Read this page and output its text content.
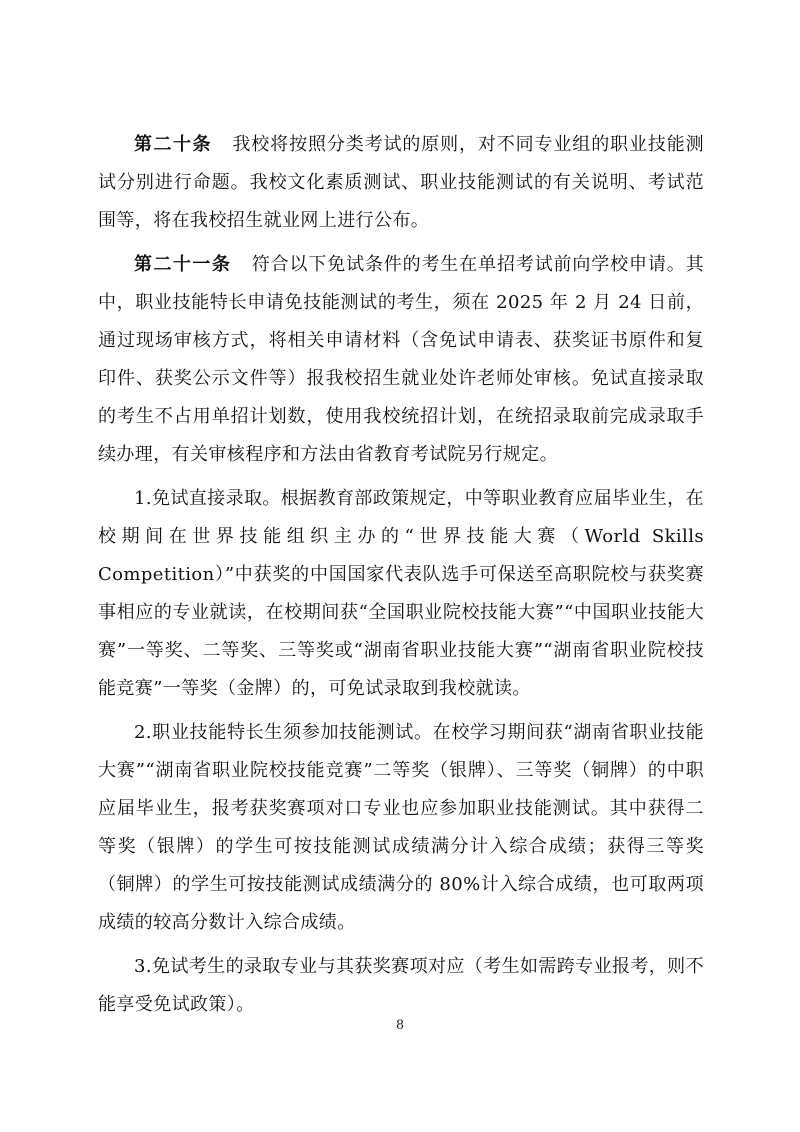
第二十条 我校将按照分类考试的原则，对不同专业组的职业技能测试分别进行命题。我校文化素质测试、职业技能测试的有关说明、考试范围等，将在我校招生就业网上进行公布。

第二十一条 符合以下免试条件的考生在单招考试前向学校申请。其中，职业技能特长申请免技能测试的考生，须在 2025 年 2 月 24 日前，通过现场审核方式，将相关申请材料（含免试申请表、获奖证书原件和复印件、获奖公示文件等）报我校招生就业处许老师处审核。免试直接录取的考生不占用单招计划数，使用我校统招计划，在统招录取前完成录取手续办理，有关审核程序和方法由省教育考试院另行规定。

1.免试直接录取。根据教育部政策规定，中等职业教育应届毕业生，在校期间在世界技能组织主办的“世界技能大赛（World Skills Competition）”中获奖的中国国家代表队选手可保送至高职院校与获奖赛事相应的专业就读，在校期间获“全国职业院校技能大赛”“中国职业技能大赛”一等奖、二等奖、三等奖或“湖南省职业技能大赛”“湖南省职业院校技能竞赛”一等奖（金牌）的，可免试录取到我校就读。

2.职业技能特长生须参加技能测试。在校学习期间获“湖南省职业技能大赛”“湖南省职业院校技能竞赛”二等奖（银牌）、三等奖（铜牌）的中职应届毕业生，报考获奖赛项对口专业也应参加职业技能测试。其中获得二等奖（银牌）的学生可按技能测试成绩满分计入综合成绩；获得三等奖（铜牌）的学生可按技能测试成绩满分的 80%计入综合成绩，也可取两项成绩的较高分数计入综合成绩。

3.免试考生的录取专业与其获奖赛项对应（考生如需跨专业报考，则不能享受免试政策）。

8
